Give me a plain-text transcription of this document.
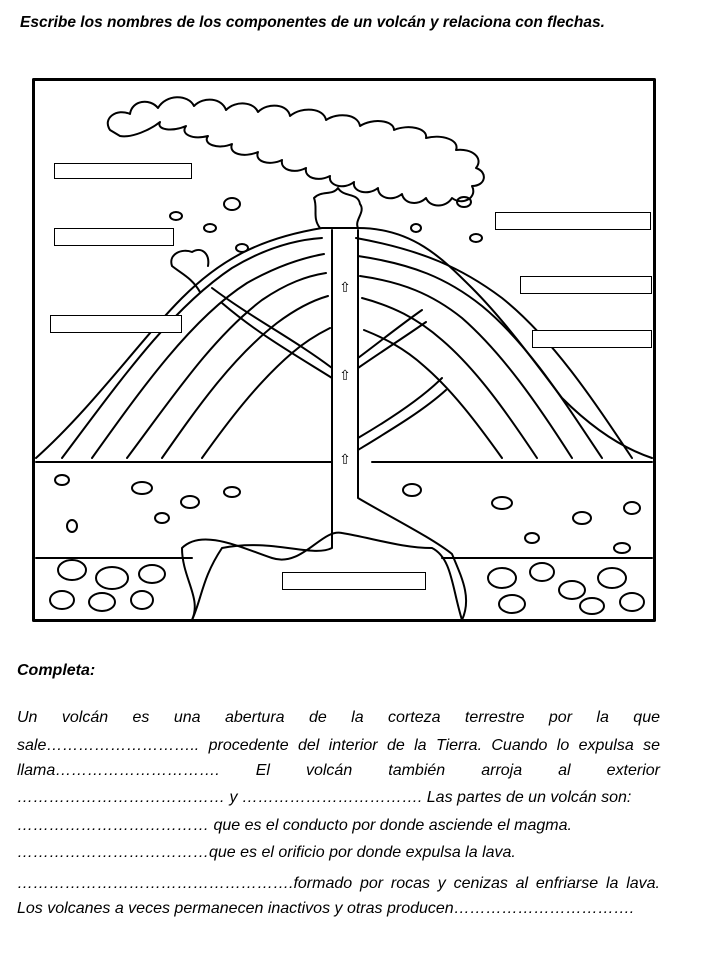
Escribe los nombres de los componentes de un volcán y relaciona con flechas.
⇧
⇧
⇧
Completa:
Un volcán es una abertura de la corteza terrestre por la que
sale……………………….. procedente del interior de la Tierra. Cuando lo expulsa se
llama…………………………. El volcán también arroja al exterior
………………………………… y ……………………………. Las partes de un volcán son:
……………………………… que es el conducto por donde asciende el magma.
………………………………que es el orificio por donde expulsa la lava.
…………………………………………….formado por rocas y cenizas al enfriarse la lava.
Los volcanes a veces permanecen inactivos y otras producen…………………………….
